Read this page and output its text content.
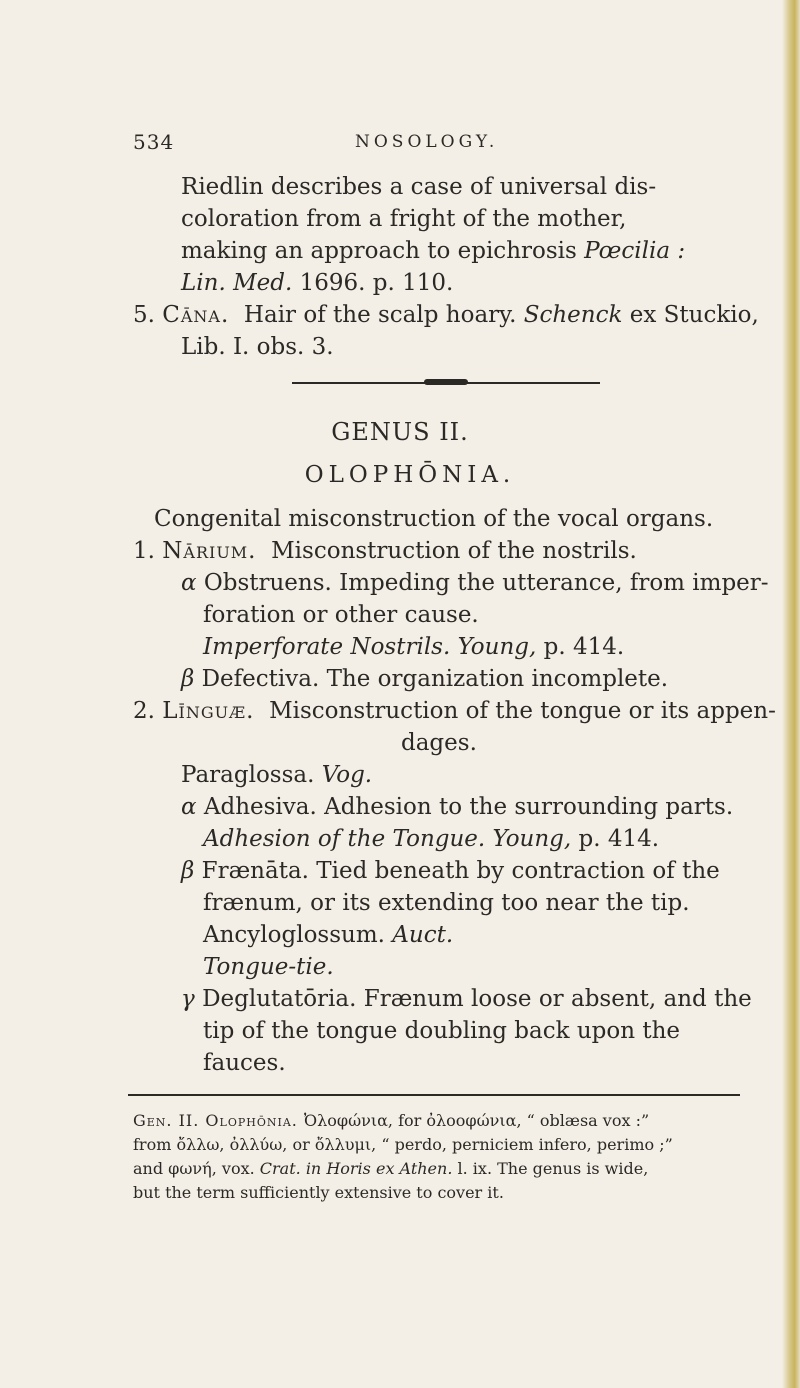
534	NOSOLOGY.
Riedlin describes a case of universal dis-
coloration from a fright of the mother,
making an approach to epichrosis Pœcilia :
Lin. Med. 1696. p. 110.
5. Cāna. Hair of the scalp hoary. Schenck ex Stuckio,
Lib. I. obs. 3.
GENUS II.
OLOPHŌNIA.
Congenital misconstruction of the vocal organs.
1. Nārium. Misconstruction of the nostrils.
α Obstruens. Impeding the utterance, from imper-
foration or other cause.
Imperforate Nostrils. Young, p. 414.
β Defectiva. The organization incomplete.
2. Līnguæ. Misconstruction of the tongue or its appen-
dages.
Paraglossa. Vog.
α Adhesiva. Adhesion to the surrounding parts.
Adhesion of the Tongue. Young, p. 414.
β Frænāta. Tied beneath by contraction of the
frænum, or its extending too near the tip.
Ancyloglossum. Auct.
Tongue-tie.
γ Deglutatōria. Frænum loose or absent, and the
tip of the tongue doubling back upon the
fauces.
Gen. II. Olophōnia. Ὀλοφώνια, for ὀλοοφώνια, “ oblæsa vox :”
from ὄλλω, ὀλλύω, or ὄλλυμι, “ perdo, perniciem infero, perimo ;”
and φωνή, vox. Crat. in Horis ex Athen. l. ix. The genus is wide,
but the term sufficiently extensive to cover it.
